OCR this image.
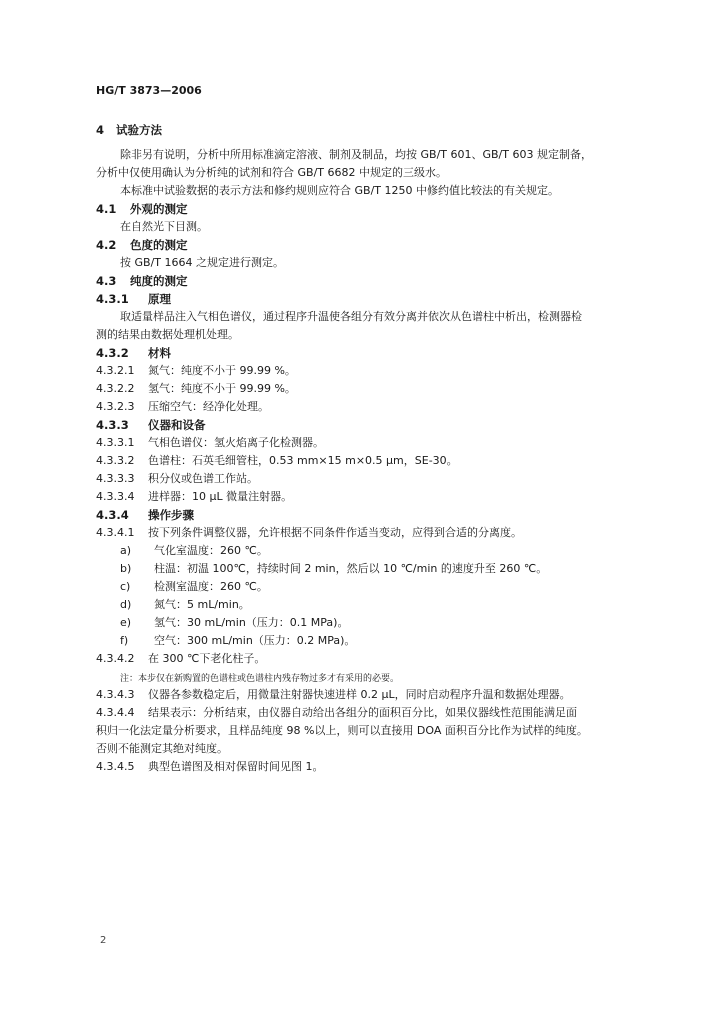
HG/T 3873—2006
4 试验方法
除非另有说明，分析中所用标准滴定溶液、制剂及制品，均按 GB/T 601、GB/T 603 规定制备，
分析中仅使用确认为分析纯的试剂和符合 GB/T 6682 中规定的三级水。
本标准中试验数据的表示方法和修约规则应符合 GB/T 1250 中修约值比较法的有关规定。
4.1 外观的测定
在自然光下目测。
4.2 色度的测定
按 GB/T 1664 之规定进行测定。
4.3 纯度的测定
4.3.1 原理
取适量样品注入气相色谱仪，通过程序升温使各组分有效分离并依次从色谱柱中析出，检测器检
测的结果由数据处理机处理。
4.3.2 材料
4.3.2.1 氮气：纯度不小于 99.99 %。
4.3.2.2 氢气：纯度不小于 99.99 %。
4.3.2.3 压缩空气：经净化处理。
4.3.3 仪器和设备
4.3.3.1 气相色谱仪：氢火焰离子化检测器。
4.3.3.2 色谱柱：石英毛细管柱，0.53 mm×15 m×0.5 μm，SE-30。
4.3.3.3 积分仪或色谱工作站。
4.3.3.4 进样器：10 μL 微量注射器。
4.3.4 操作步骤
4.3.4.1 按下列条件调整仪器，允许根据不同条件作适当变动，应得到合适的分离度。
a) 气化室温度：260 ℃。
b) 柱温：初温 100℃，持续时间 2 min，然后以 10 ℃/min 的速度升至 260 ℃。
c) 检测室温度：260 ℃。
d) 氮气：5 mL/min。
e) 氢气：30 mL/min（压力：0.1 MPa)。
f) 空气：300 mL/min（压力：0.2 MPa)。
4.3.4.2 在 300 ℃下老化柱子。
注：本步仅在新购置的色谱柱或色谱柱内残存物过多才有采用的必要。
4.3.4.3 仪器各参数稳定后，用微量注射器快速进样 0.2 μL，同时启动程序升温和数据处理器。
4.3.4.4 结果表示：分析结束，由仪器自动给出各组分的面积百分比，如果仪器线性范围能满足面
积归一化法定量分析要求，且样品纯度 98 %以上，则可以直接用 DOA 面积百分比作为试样的纯度。
否则不能测定其绝对纯度。
4.3.4.5 典型色谱图及相对保留时间见图 1。
2
